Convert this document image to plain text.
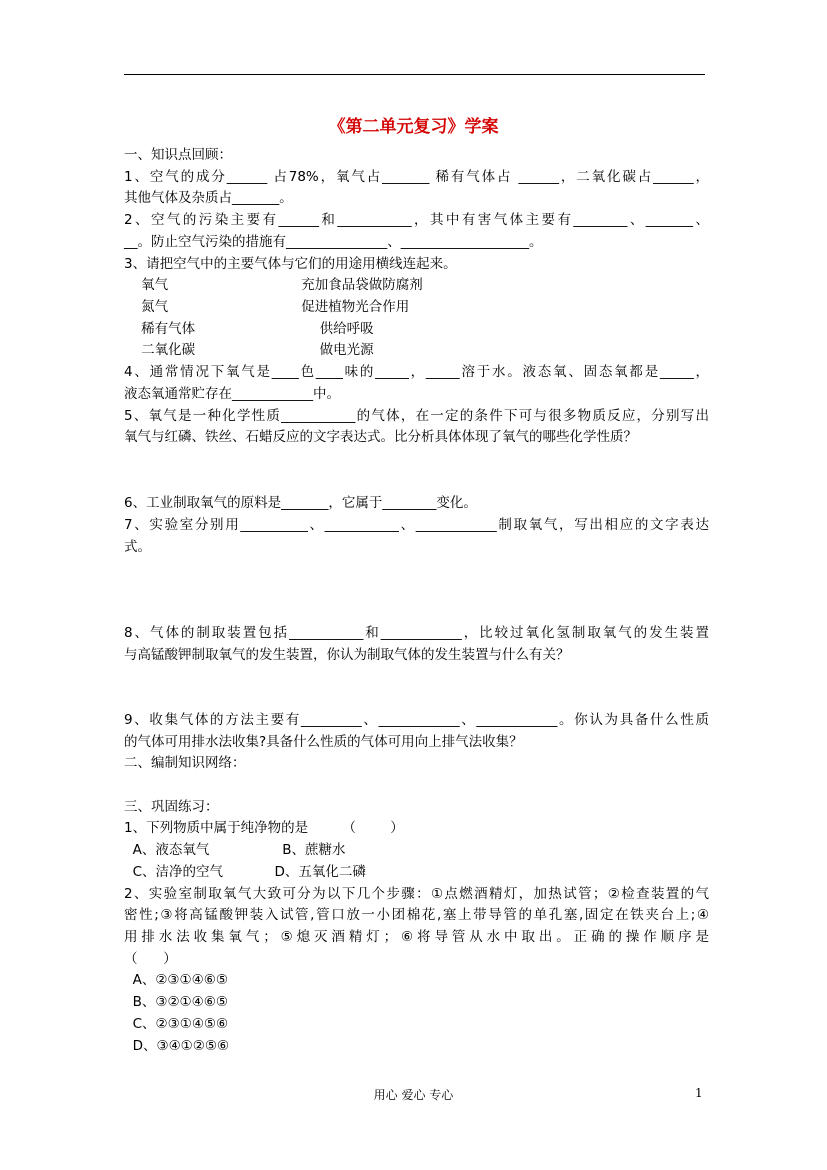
《第二单元复习》学案
一、知识点回顾：
1、空气的成分______ 占78%，氧气占_______ 稀有气体占 ______，二氧化碳占______，
其他气体及杂质占_______。
2、空气的污染主要有______和___________，其中有害气体主要有________、_______、
__。防止空气污染的措施有_______________、___________________。
3、请把空气中的主要气体与它们的用途用横线连起来。
氧气                               充加食品袋做防腐剂
氮气                               促进植物光合作用
稀有气体                             供给呼吸
二氧化碳                             做电光源
4、通常情况下氧气是____色____味的_____，_____溶于水。液态氧、固态氧都是_____，
液态氧通常贮存在____________中。
5、氧气是一种化学性质___________的气体，在一定的条件下可与很多物质反应，分别写出
氧气与红磷、铁丝、石蜡反应的文字表达式。比分析具体体现了氧气的哪些化学性质？
6、工业制取氧气的原料是_______，它属于________变化。
7、实验室分别用__________、___________、____________制取氧气，写出相应的文字表达
式。
8、气体的制取装置包括___________和____________，比较过氧化氢制取氧气的发生装置
与高锰酸钾制取氧气的发生装置，你认为制取气体的发生装置与什么有关？
9、收集气体的方法主要有_________、____________、____________。你认为具备什么性质
的气体可用排水法收集?具备什么性质的气体可用向上排气法收集？
二、编制知识网络：
三、巩固练习：
1、下列物质中属于纯净物的是        （        ）
A、液态氧气                 B、蔗糖水
C、洁净的空气            D、五氧化二磷
2、实验室制取氧气大致可分为以下几个步骤：①点燃酒精灯，加热试管；②检查装置的气
密性;③将高锰酸钾装入试管,管口放一小团棉花,塞上带导管的单孔塞,固定在铁夹台上;④
用排水法收集氧气；⑤熄灭酒精灯；⑥将导管从水中取出。正确的操作顺序是
（      ）
A、②③①④⑥⑤
B、③②①④⑥⑤
C、②③①④⑤⑥
D、③④①②⑤⑥
用心 爱心 专心	1
